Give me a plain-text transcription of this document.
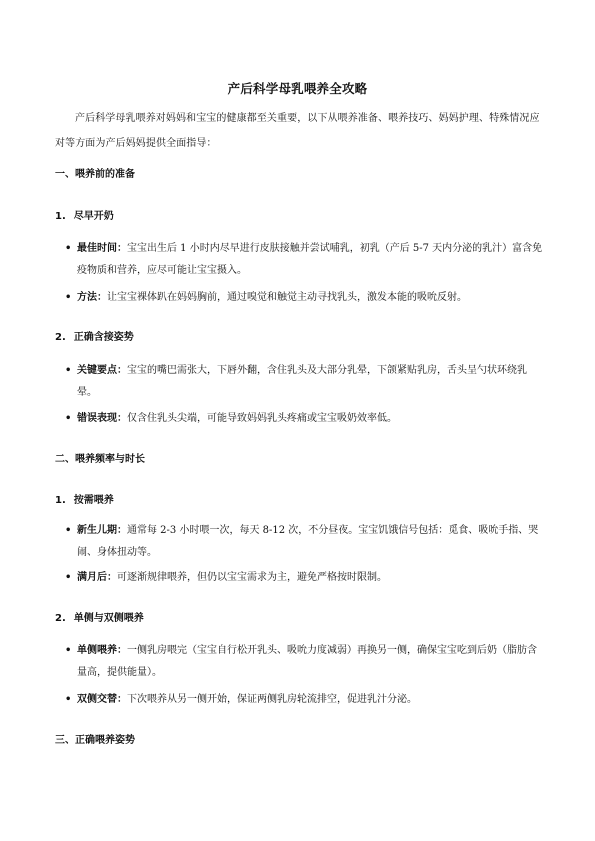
产后科学母乳喂养全攻略
产后科学母乳喂养对妈妈和宝宝的健康都至关重要，以下从喂养准备、喂养技巧、妈妈护理、特殊情况应对等方面为产后妈妈提供全面指导：
一、喂养前的准备
1. 尽早开奶
• 最佳时间：宝宝出生后 1 小时内尽早进行皮肤接触并尝试哺乳，初乳（产后 5-7 天内分泌的乳汁）富含免疫物质和营养，应尽可能让宝宝摄入。
• 方法：让宝宝裸体趴在妈妈胸前，通过嗅觉和触觉主动寻找乳头，激发本能的吸吮反射。
2. 正确含接姿势
• 关键要点：宝宝的嘴巴需张大，下唇外翻，含住乳头及大部分乳晕，下颌紧贴乳房，舌头呈勺状环绕乳晕。
• 错误表现：仅含住乳头尖端，可能导致妈妈乳头疼痛或宝宝吸奶效率低。
二、喂养频率与时长
1. 按需喂养
• 新生儿期：通常每 2-3 小时喂一次，每天 8-12 次，不分昼夜。宝宝饥饿信号包括：觅食、吸吮手指、哭闹、身体扭动等。
• 满月后：可逐渐规律喂养，但仍以宝宝需求为主，避免严格按时限制。
2. 单侧与双侧喂养
• 单侧喂养：一侧乳房喂完（宝宝自行松开乳头、吸吮力度减弱）再换另一侧，确保宝宝吃到后奶（脂肪含量高，提供能量）。
• 双侧交替：下次喂养从另一侧开始，保证两侧乳房轮流排空，促进乳汁分泌。
三、正确喂养姿势
